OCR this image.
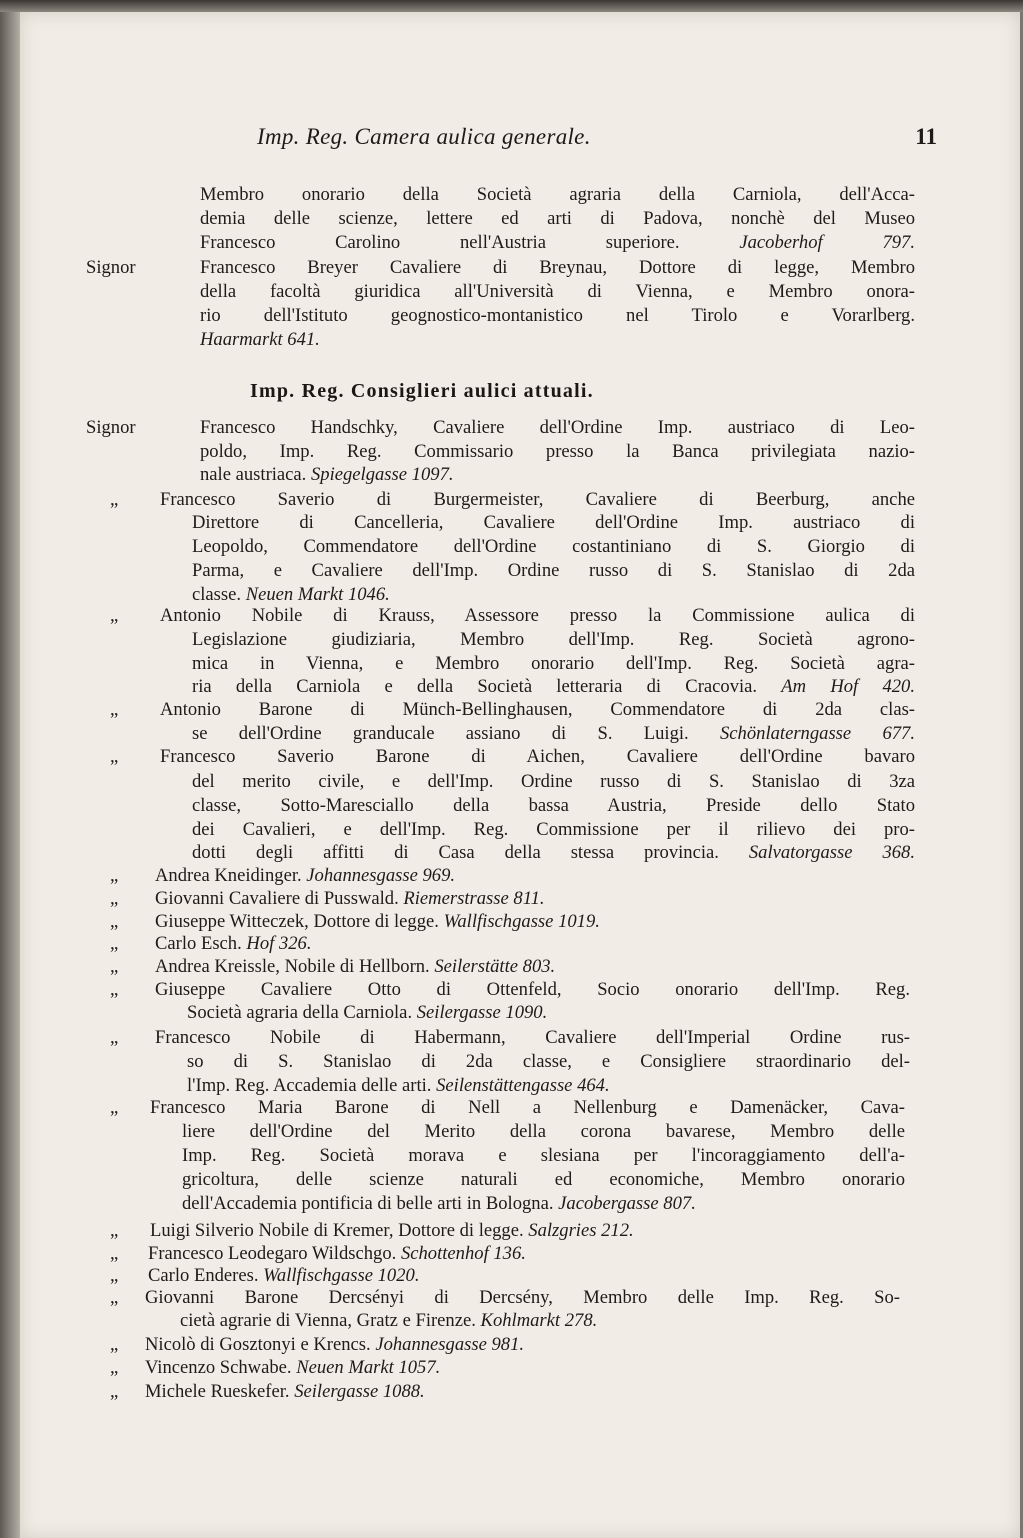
Imp. Reg. Camera aulica generale.	11
Imp. Reg. Consiglieri aulici attuali.
Membro onorario della Società agraria della Carniola, dell'Acca-
demia delle scienze, lettere ed arti di Padova, nonchè del Museo
Francesco Carolino nell'Austria superiore. Jacoberhof 797.
Francesco Breyer Cavaliere di Breynau, Dottore di legge, Membro
della facoltà giuridica all'Università di Vienna, e Membro onora-
rio dell'Istituto geognostico-montanistico nel Tirolo e Vorarlberg.
Haarmarkt 641.
Francesco Handschky, Cavaliere dell'Ordine Imp. austriaco di Leo-
poldo, Imp. Reg. Commissario presso la Banca privilegiata nazio-
nale austriaca. Spiegelgasse 1097.
Francesco Saverio di Burgermeister, Cavaliere di Beerburg, anche
Direttore di Cancelleria, Cavaliere dell'Ordine Imp. austriaco di
Leopoldo, Commendatore dell'Ordine costantiniano di S. Giorgio di
Parma, e Cavaliere dell'Imp. Ordine russo di S. Stanislao di 2da
classe. Neuen Markt 1046.
Antonio Nobile di Krauss, Assessore presso la Commissione aulica di
Legislazione giudiziaria, Membro dell'Imp. Reg. Società agrono-
mica in Vienna, e Membro onorario dell'Imp. Reg. Società agra-
ria della Carniola e della Società letteraria di Cracovia. Am Hof 420.
Antonio Barone di Münch-Bellinghausen, Commendatore di 2da clas-
se dell'Ordine granducale assiano di S. Luigi. Schönlaterngasse 677.
Francesco Saverio Barone di Aichen, Cavaliere dell'Ordine bavaro
del merito civile, e dell'Imp. Ordine russo di S. Stanislao di 3za
classe, Sotto-Maresciallo della bassa Austria, Preside dello Stato
dei Cavalieri, e dell'Imp. Reg. Commissione per il rilievo dei pro-
dotti degli affitti di Casa della stessa provincia. Salvatorgasse 368.
Andrea Kneidinger. Johannesgasse 969.
Giovanni Cavaliere di Pusswald. Riemerstrasse 811.
Giuseppe Witteczek, Dottore di legge. Wallfischgasse 1019.
Carlo Esch. Hof 326.
Andrea Kreissle, Nobile di Hellborn. Seilerstätte 803.
Giuseppe Cavaliere Otto di Ottenfeld, Socio onorario dell'Imp. Reg.
Società agraria della Carniola. Seilergasse 1090.
Francesco Nobile di Habermann, Cavaliere dell'Imperial Ordine rus-
so di S. Stanislao di 2da classe, e Consigliere straordinario del-
l'Imp. Reg. Accademia delle arti. Seilenstättengasse 464.
Francesco Maria Barone di Nell a Nellenburg e Damenäcker, Cava-
liere dell'Ordine del Merito della corona bavarese, Membro delle
Imp. Reg. Società morava e slesiana per l'incoraggiamento dell'a-
gricoltura, delle scienze naturali ed economiche, Membro onorario
dell'Accademia pontificia di belle arti in Bologna. Jacobergasse 807.
Luigi Silverio Nobile di Kremer, Dottore di legge. Salzgries 212.
Francesco Leodegaro Wildschgo. Schottenhof 136.
Carlo Enderes. Wallfischgasse 1020.
Giovanni Barone Dercsényi di Dercsény, Membro delle Imp. Reg. So-
cietà agrarie di Vienna, Gratz e Firenze. Kohlmarkt 278.
Nicolò di Gosztonyi e Krencs. Johannesgasse 981.
Vincenzo Schwabe. Neuen Markt 1057.
Michele Rueskefer. Seilergasse 1088.
Signor
Signor
„
„
„
„
„
„
„
„
„
„
„
„
„
„
„
„
„
„
„
